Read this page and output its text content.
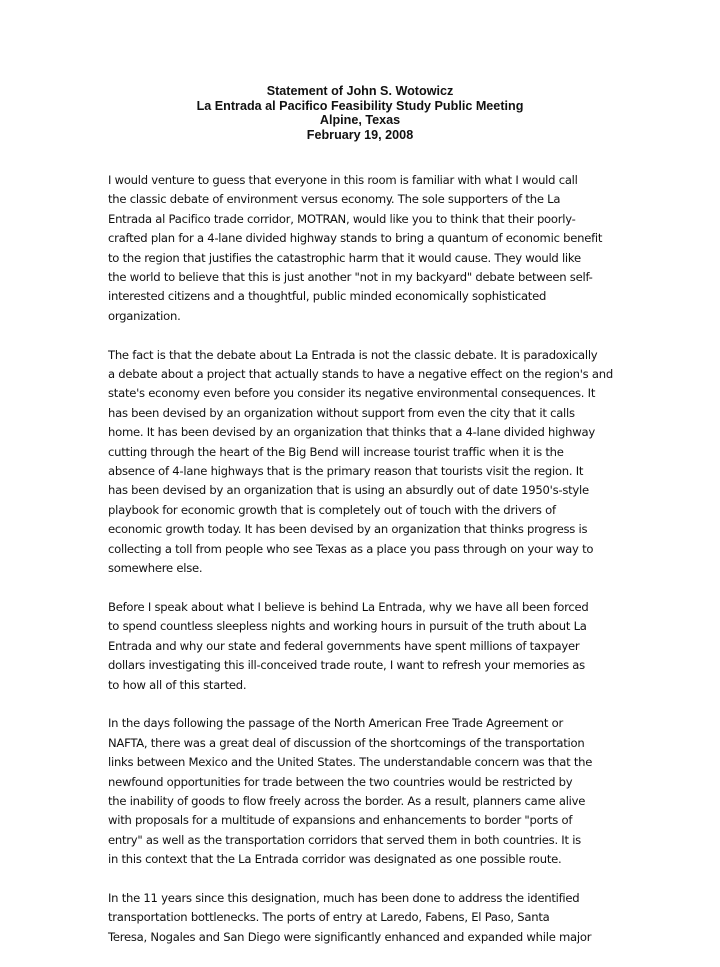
Statement of John S. Wotowicz
La Entrada al Pacifico Feasibility Study Public Meeting
Alpine, Texas
February 19, 2008
I would venture to guess that everyone in this room is familiar with what I would call
the classic debate of environment versus economy. The sole supporters of the La
Entrada al Pacifico trade corridor, MOTRAN, would like you to think that their poorly-
crafted plan for a 4-lane divided highway stands to bring a quantum of economic benefit
to the region that justifies the catastrophic harm that it would cause. They would like
the world to believe that this is just another "not in my backyard" debate between self-
interested citizens and a thoughtful, public minded economically sophisticated
organization.
The fact is that the debate about La Entrada is not the classic debate. It is paradoxically
a debate about a project that actually stands to have a negative effect on the region's and
state's economy even before you consider its negative environmental consequences. It
has been devised by an organization without support from even the city that it calls
home. It has been devised by an organization that thinks that a 4-lane divided highway
cutting through the heart of the Big Bend will increase tourist traffic when it is the
absence of 4-lane highways that is the primary reason that tourists visit the region. It
has been devised by an organization that is using an absurdly out of date 1950's-style
playbook for economic growth that is completely out of touch with the drivers of
economic growth today. It has been devised by an organization that thinks progress is
collecting a toll from people who see Texas as a place you pass through on your way to
somewhere else.
Before I speak about what I believe is behind La Entrada, why we have all been forced
to spend countless sleepless nights and working hours in pursuit of the truth about La
Entrada and why our state and federal governments have spent millions of taxpayer
dollars investigating this ill-conceived trade route, I want to refresh your memories as
to how all of this started.
In the days following the passage of the North American Free Trade Agreement or
NAFTA, there was a great deal of discussion of the shortcomings of the transportation
links between Mexico and the United States. The understandable concern was that the
newfound opportunities for trade between the two countries would be restricted by
the inability of goods to flow freely across the border. As a result, planners came alive
with proposals for a multitude of expansions and enhancements to border "ports of
entry" as well as the transportation corridors that served them in both countries. It is
in this context that the La Entrada corridor was designated as one possible route.
In the 11 years since this designation, much has been done to address the identified
transportation bottlenecks. The ports of entry at Laredo, Fabens, El Paso, Santa
Teresa, Nogales and San Diego were significantly enhanced and expanded while major
